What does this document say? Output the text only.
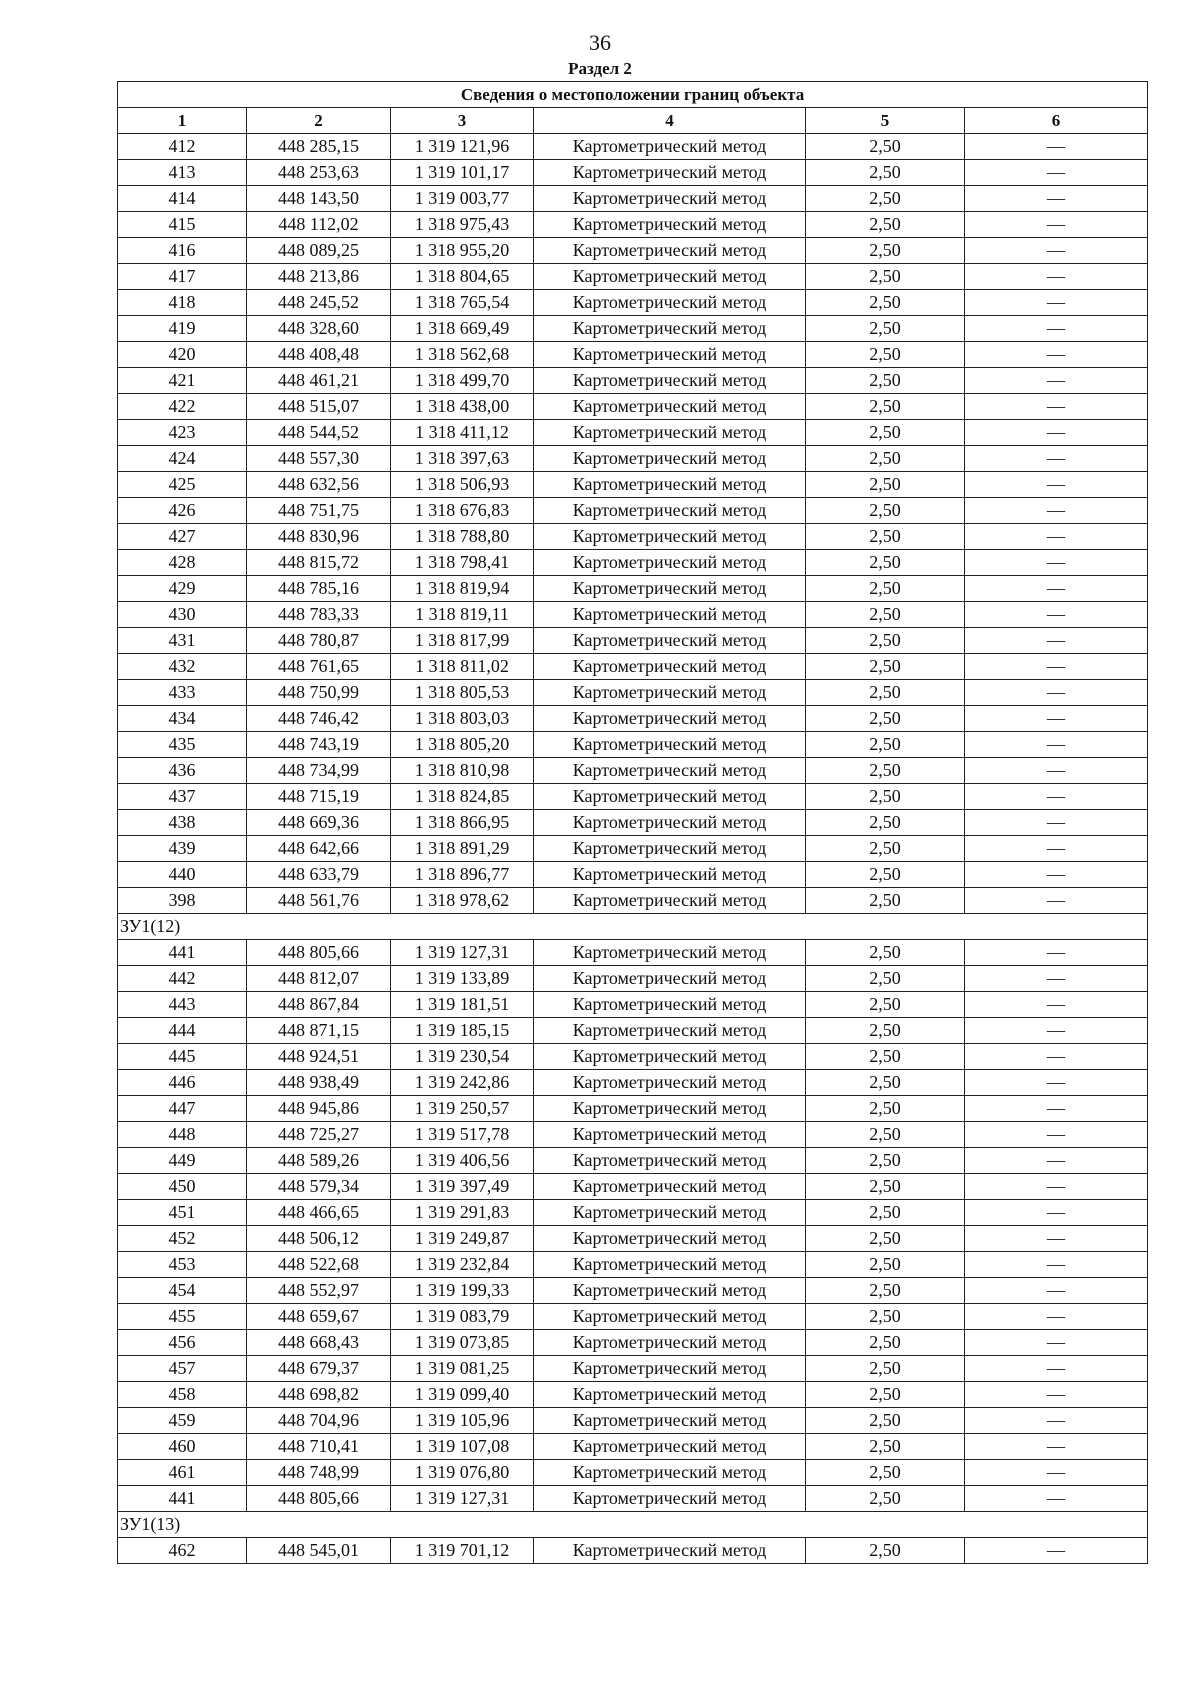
36
Раздел 2
Сведения о местоположении границ объекта					
1	2	3	4	5	6
412	448 285,15	1 319 121,96	Картометрический метод	2,50	—
413	448 253,63	1 319 101,17	Картометрический метод	2,50	—
414	448 143,50	1 319 003,77	Картометрический метод	2,50	—
415	448 112,02	1 318 975,43	Картометрический метод	2,50	—
416	448 089,25	1 318 955,20	Картометрический метод	2,50	—
417	448 213,86	1 318 804,65	Картометрический метод	2,50	—
418	448 245,52	1 318 765,54	Картометрический метод	2,50	—
419	448 328,60	1 318 669,49	Картометрический метод	2,50	—
420	448 408,48	1 318 562,68	Картометрический метод	2,50	—
421	448 461,21	1 318 499,70	Картометрический метод	2,50	—
422	448 515,07	1 318 438,00	Картометрический метод	2,50	—
423	448 544,52	1 318 411,12	Картометрический метод	2,50	—
424	448 557,30	1 318 397,63	Картометрический метод	2,50	—
425	448 632,56	1 318 506,93	Картометрический метод	2,50	—
426	448 751,75	1 318 676,83	Картометрический метод	2,50	—
427	448 830,96	1 318 788,80	Картометрический метод	2,50	—
428	448 815,72	1 318 798,41	Картометрический метод	2,50	—
429	448 785,16	1 318 819,94	Картометрический метод	2,50	—
430	448 783,33	1 318 819,11	Картометрический метод	2,50	—
431	448 780,87	1 318 817,99	Картометрический метод	2,50	—
432	448 761,65	1 318 811,02	Картометрический метод	2,50	—
433	448 750,99	1 318 805,53	Картометрический метод	2,50	—
434	448 746,42	1 318 803,03	Картометрический метод	2,50	—
435	448 743,19	1 318 805,20	Картометрический метод	2,50	—
436	448 734,99	1 318 810,98	Картометрический метод	2,50	—
437	448 715,19	1 318 824,85	Картометрический метод	2,50	—
438	448 669,36	1 318 866,95	Картометрический метод	2,50	—
439	448 642,66	1 318 891,29	Картометрический метод	2,50	—
440	448 633,79	1 318 896,77	Картометрический метод	2,50	—
398	448 561,76	1 318 978,62	Картометрический метод	2,50	—
ЗУ1(12)					
441	448 805,66	1 319 127,31	Картометрический метод	2,50	—
442	448 812,07	1 319 133,89	Картометрический метод	2,50	—
443	448 867,84	1 319 181,51	Картометрический метод	2,50	—
444	448 871,15	1 319 185,15	Картометрический метод	2,50	—
445	448 924,51	1 319 230,54	Картометрический метод	2,50	—
446	448 938,49	1 319 242,86	Картометрический метод	2,50	—
447	448 945,86	1 319 250,57	Картометрический метод	2,50	—
448	448 725,27	1 319 517,78	Картометрический метод	2,50	—
449	448 589,26	1 319 406,56	Картометрический метод	2,50	—
450	448 579,34	1 319 397,49	Картометрический метод	2,50	—
451	448 466,65	1 319 291,83	Картометрический метод	2,50	—
452	448 506,12	1 319 249,87	Картометрический метод	2,50	—
453	448 522,68	1 319 232,84	Картометрический метод	2,50	—
454	448 552,97	1 319 199,33	Картометрический метод	2,50	—
455	448 659,67	1 319 083,79	Картометрический метод	2,50	—
456	448 668,43	1 319 073,85	Картометрический метод	2,50	—
457	448 679,37	1 319 081,25	Картометрический метод	2,50	—
458	448 698,82	1 319 099,40	Картометрический метод	2,50	—
459	448 704,96	1 319 105,96	Картометрический метод	2,50	—
460	448 710,41	1 319 107,08	Картометрический метод	2,50	—
461	448 748,99	1 319 076,80	Картометрический метод	2,50	—
441	448 805,66	1 319 127,31	Картометрический метод	2,50	—
ЗУ1(13)					
462	448 545,01	1 319 701,12	Картометрический метод	2,50	—
